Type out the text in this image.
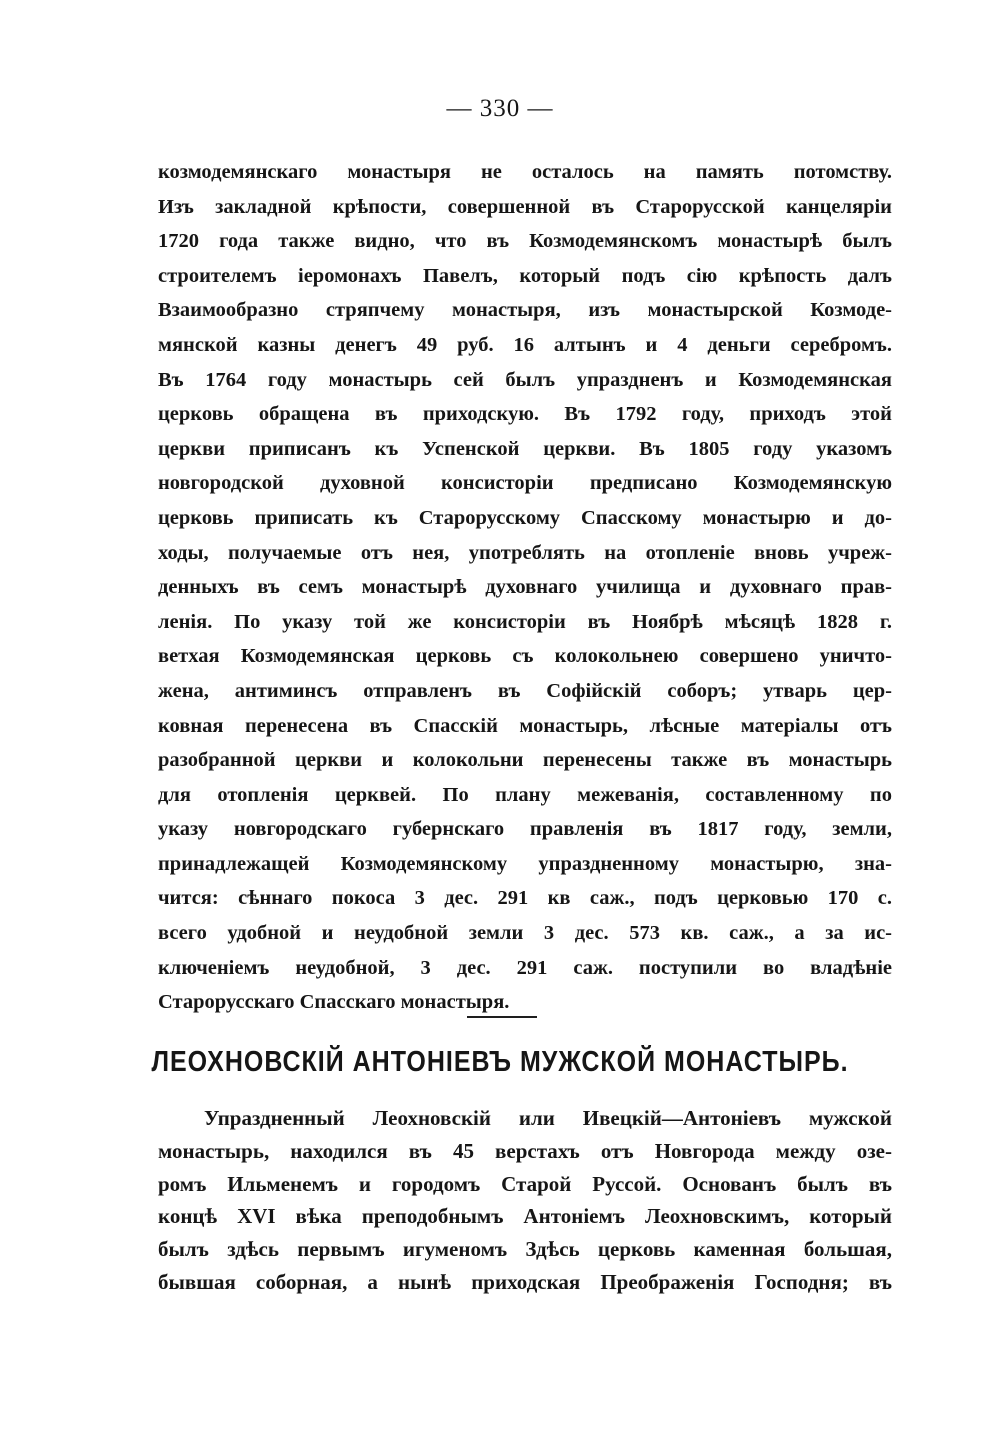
— 330 —
козмодемянскаго монастыря не осталось на память потомству.
Изъ закладной крѣпости, совершенной въ Старорусской канцеляріи
1720 года также видно, что въ Козмодемянскомъ монастырѣ былъ
строителемъ іеромонахъ Павелъ, который подъ сію крѣпость далъ
Взаимообразно стряпчему монастыря, изъ монастырской Козмоде-
мянской казны денегъ 49 руб. 16 алтынъ и 4 деньги серебромъ.
Въ 1764 году монастырь сей былъ упраздненъ и Козмодемянская
церковь обращена въ приходскую. Въ 1792 году, приходъ этой
церкви приписанъ къ Успенской церкви. Въ 1805 году указомъ
новгородской духовной консисторіи предписано Козмодемянскую
церковь приписать къ Старорусскому Спасскому монастырю и до-
ходы, получаемые отъ нея, употреблять на отопленіе вновь учреж-
денныхъ въ семъ монастырѣ духовнаго училища и духовнаго прав-
ленія. По указу той же консисторіи въ Ноябрѣ мѣсяцѣ 1828 г.
ветхая Козмодемянская церковь съ колокольнею совершено уничто-
жена, антиминсъ отправленъ въ Софійскій соборъ; утварь цер-
ковная перенесена въ Спасскій монастырь, лѣсные матеріалы отъ
разобранной церкви и колокольни перенесены также въ монастырь
для отопленія церквей. По плану межеванія, составленному по
указу новгородскаго губернскаго правленія въ 1817 году, земли,
принадлежащей Козмодемянскому упраздненному монастырю, зна-
чится: сѣннаго покоса 3 дес. 291 кв саж., подъ церковью 170 с.
всего удобной и неудобной земли 3 дес. 573 кв. саж., а за ис-
ключеніемъ неудобной, 3 дес. 291 саж. поступили во владѣніе
Старорусскаго Спасскаго монастыря.
ЛЕОХНОВСКІЙ АНТОНІЕВЪ МУЖСКОЙ МОНАСТЫРЬ.
Упраздненный Леохновскій или Ивецкій—Антоніевъ мужской
монастырь, находился въ 45 верстахъ отъ Новгорода между озе-
ромъ Ильменемъ и городомъ Старой Руссой. Основанъ былъ въ
концѣ XVI вѣка преподобнымъ Антоніемъ Леохновскимъ, который
былъ здѣсь первымъ игуменомъ Здѣсь церковь каменная большая,
бывшая соборная, а нынѣ приходская Преображенія Господня; въ
